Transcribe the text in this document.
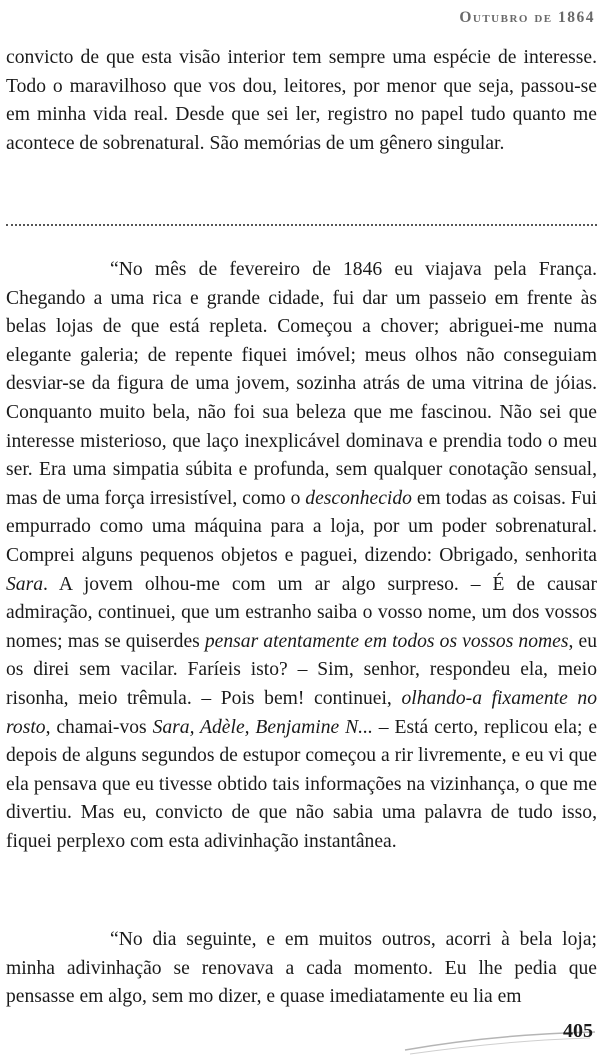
Outubro de 1864

convicto de que esta visão interior tem sempre uma espécie de interesse. Todo o maravilhoso que vos dou, leitores, por menor que seja, passou-se em minha vida real. Desde que sei ler, registro no papel tudo quanto me acontece de sobrenatural. São memórias de um gênero singular.

“No mês de fevereiro de 1846 eu viajava pela França. Chegando a uma rica e grande cidade, fui dar um passeio em frente às belas lojas de que está repleta. Começou a chover; abriguei-me numa elegante galeria; de repente fiquei imóvel; meus olhos não conseguiam desviar-se da figura de uma jovem, sozinha atrás de uma vitrina de jóias. Conquanto muito bela, não foi sua beleza que me fascinou. Não sei que interesse misterioso, que laço inexplicável dominava e prendia todo o meu ser. Era uma simpatia súbita e profunda, sem qualquer conotação sensual, mas de uma força irresistível, como o desconhecido em todas as coisas. Fui empurrado como uma máquina para a loja, por um poder sobrenatural. Comprei alguns pequenos objetos e paguei, dizendo: Obrigado, senhorita Sara. A jovem olhou-me com um ar algo surpreso. – É de causar admiração, continuei, que um estranho saiba o vosso nome, um dos vossos nomes; mas se quiserdes pensar atentamente em todos os vossos nomes, eu os direi sem vacilar. Faríeis isto? – Sim, senhor, respondeu ela, meio risonha, meio trêmula. – Pois bem! continuei, olhando-a fixamente no rosto, chamai-vos Sara, Adèle, Benjamine N... – Está certo, replicou ela; e depois de alguns segundos de estupor começou a rir livremente, e eu vi que ela pensava que eu tivesse obtido tais informações na vizinhança, o que me divertiu. Mas eu, convicto de que não sabia uma palavra de tudo isso, fiquei perplexo com esta adivinhação instantânea.

“No dia seguinte, e em muitos outros, acorri à bela loja; minha adivinhação se renovava a cada momento. Eu lhe pedia que pensasse em algo, sem mo dizer, e quase imediatamente eu lia em

405
